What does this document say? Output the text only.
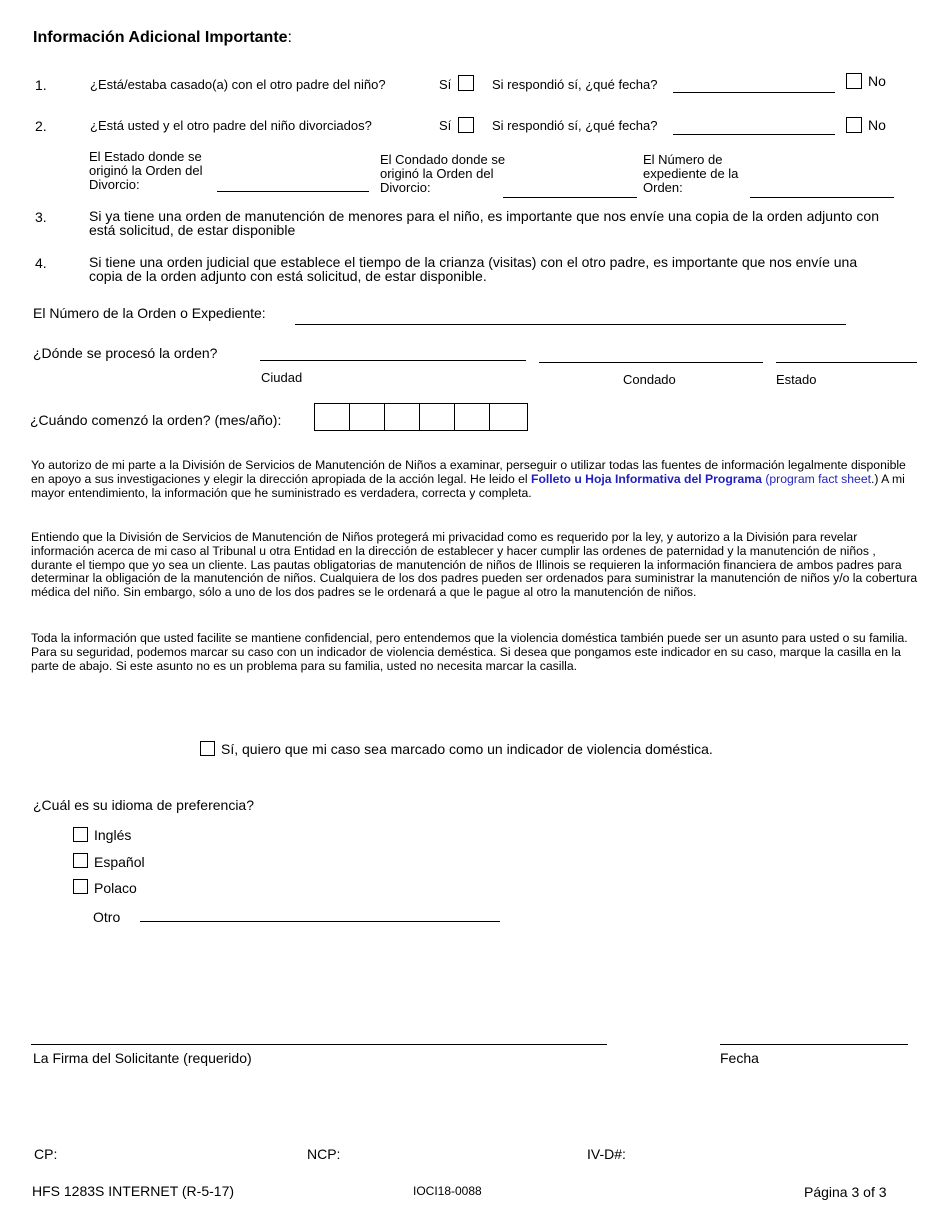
Información Adicional Importante:
1.	¿Está/estaba casado(a) con el otro padre del niño?	Sí	Si respondió sí, ¿qué fecha?	No
2.	¿Está usted y el otro padre del niño divorciados?	Sí	Si respondió sí, ¿qué fecha?	No
El Estado donde se originó la Orden del Divorcio:
El Condado donde se originó la Orden del Divorcio:
El Número de expediente de la Orden:
3.	Si ya tiene una orden de manutención de menores para el niño, es importante que nos envíe una copia de la orden adjunto con está solicitud, de estar disponible
4.	Si tiene una orden judicial que establece el tiempo de la crianza (visitas) con el otro padre, es importante que nos envíe una copia de la orden adjunto con está solicitud, de estar disponible.
El Número de la Orden o Expediente:
¿Dónde se procesó la orden?
Ciudad	Condado	Estado
¿Cuándo comenzó la orden? (mes/año):
Yo autorizo de mi parte a la División de Servicios de Manutención de Niños a examinar, perseguir o utilizar todas las fuentes de información legalmente disponible en apoyo a sus investigaciones y elegir la dirección apropiada de la acción legal. He leido el Folleto u Hoja Informativa del Programa (program fact sheet.) A mi mayor entendimiento, la información que he suministrado es verdadera, correcta y completa.
Entiendo que la División de Servicios de Manutención de Niños protegerá mi privacidad como es requerido por la ley, y autorizo a la División para revelar información acerca de mi caso al Tribunal u otra Entidad en la dirección de establecer y hacer cumplir las ordenes de paternidad y la manutención de niños , durante el tiempo que yo sea un cliente. Las pautas obligatorias de manutención de niños de Illinois se requieren la información financiera de ambos padres para determinar la obligación de la manutención de niños. Cualquiera de los dos padres pueden ser ordenados para suministrar la manutención de niños y/o la cobertura médica del niño. Sin embargo, sólo a uno de los dos padres se le ordenará a que le pague al otro la manutención de niños.
Toda la información que usted facilite se mantiene confidencial, pero entendemos que la violencia doméstica también puede ser un asunto para usted o su familia. Para su seguridad, podemos marcar su caso con un indicador de violencia deméstica. Si desea que pongamos este indicador en su caso, marque la casilla en la parte de abajo. Si este asunto no es un problema para su familia, usted no necesita marcar la casilla.
Sí, quiero que mi caso sea marcado como un indicador de violencia doméstica.
¿Cuál es su idioma de preferencia?
Inglés
Español
Polaco
Otro
La Firma del Solicitante (requerido)	Fecha
CP:	NCP:	IV-D#:
HFS 1283S INTERNET (R-5-17)	IOCI18-0088	Página 3 of 3
